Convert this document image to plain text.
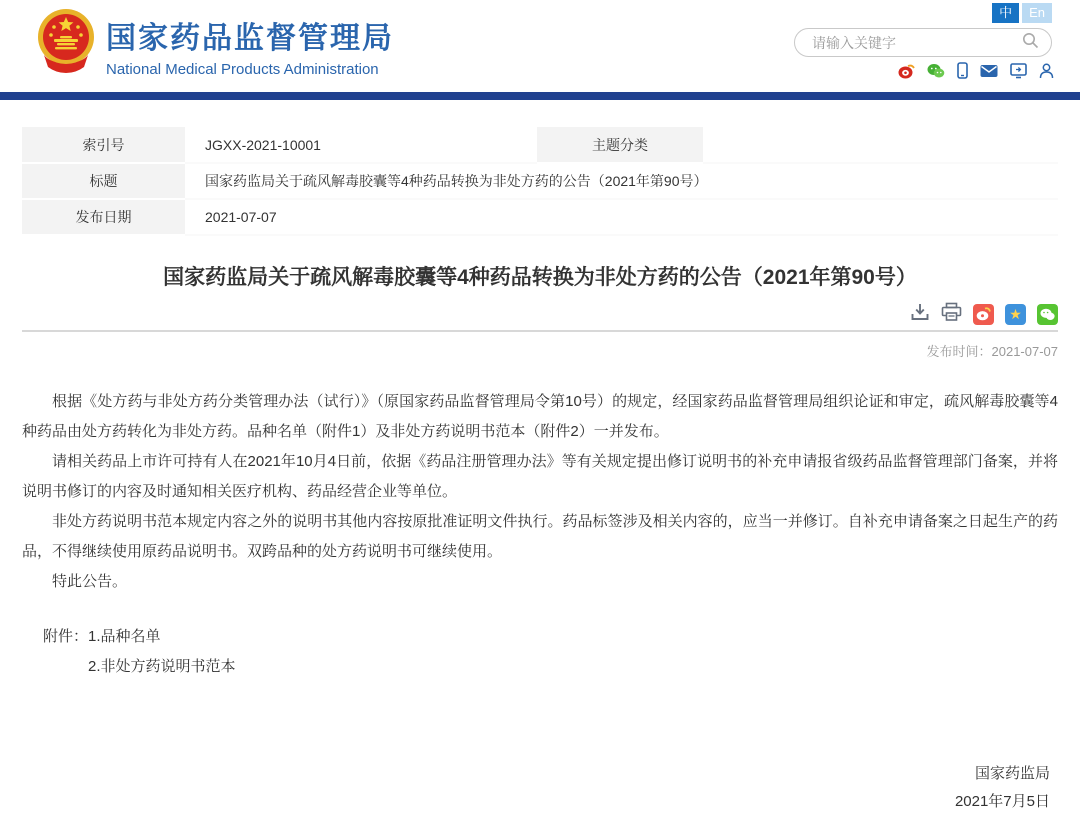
国家药品监督管理局
National Medical Products Administration
中	En
请输入关键字
索引号	JGXX-2021-10001	主题分类	
标题	国家药监局关于疏风解毒胶囊等4种药品转换为非处方药的公告（2021年第90号）		
发布日期	2021-07-07		
国家药监局关于疏风解毒胶囊等4种药品转换为非处方药的公告（2021年第90号）
★
发布时间：2021-07-07

根据《处方药与非处方药分类管理办法（试行）》（原国家药品监督管理局令第10号）的规定，经国家药品监督管理局组织论证和审定，疏风解毒胶囊等4种药品由处方药转化为非处方药。品种名单（附件1）及非处方药说明书范本（附件2）一并发布。

请相关药品上市许可持有人在2021年10月4日前，依据《药品注册管理办法》等有关规定提出修订说明书的补充申请报省级药品监督管理部门备案，并将说明书修订的内容及时通知相关医疗机构、药品经营企业等单位。

非处方药说明书范本规定内容之外的说明书其他内容按原批准证明文件执行。药品标签涉及相关内容的，应当一并修订。自补充申请备案之日起生产的药品，不得继续使用原药品说明书。双跨品种的处方药说明书可继续使用。

特此公告。

附件：1.品种名单
2.非处方药说明书范本
国家药监局
2021年7月5日
